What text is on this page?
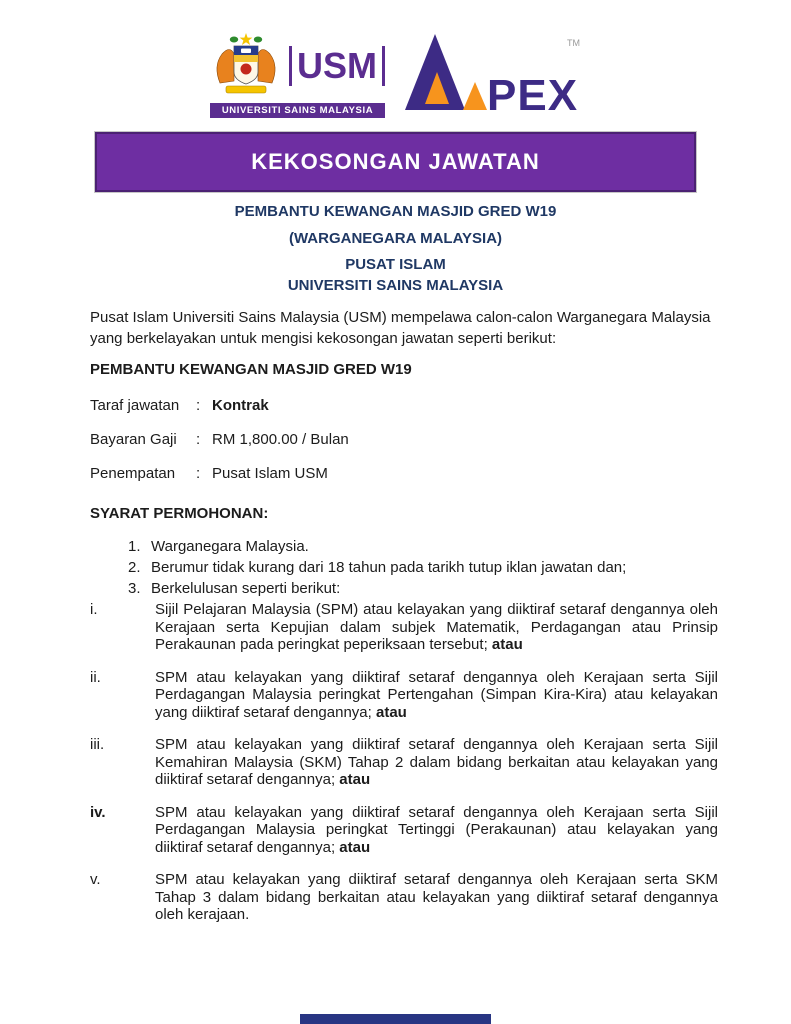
USM
UNIVERSITI SAINS MALAYSIA	PEX
TM
KEKOSONGAN JAWATAN
PEMBANTU KEWANGAN MASJID GRED W19
(WARGANEGARA MALAYSIA)
PUSAT ISLAM
UNIVERSITI SAINS MALAYSIA
Pusat Islam Universiti Sains Malaysia (USM) mempelawa calon-calon Warganegara Malaysia yang berkelayakan untuk mengisi kekosongan jawatan seperti berikut:
PEMBANTU KEWANGAN MASJID GRED W19
Taraf jawatan	: Kontrak
Bayaran Gaji	: RM 1,800.00 / Bulan
Penempatan	: Pusat Islam USM
SYARAT PERMOHONAN:
1. Warganegara Malaysia.
2. Berumur tidak kurang dari 18 tahun pada tarikh tutup iklan jawatan dan;
3. Berkelulusan seperti berikut:
i.	Sijil Pelajaran Malaysia (SPM) atau kelayakan yang diiktiraf setaraf dengannya oleh Kerajaan serta Kepujian dalam subjek Matematik, Perdagangan atau Prinsip Perakaunan pada peringkat peperiksaan tersebut; atau
ii.	SPM atau kelayakan yang diiktiraf setaraf dengannya oleh Kerajaan serta Sijil Perdagangan Malaysia peringkat Pertengahan (Simpan Kira-Kira) atau kelayakan yang diiktiraf setaraf dengannya; atau
iii.	SPM atau kelayakan yang diiktiraf setaraf dengannya oleh Kerajaan serta Sijil Kemahiran Malaysia (SKM) Tahap 2 dalam bidang berkaitan atau kelayakan yang diiktiraf setaraf dengannya; atau
iv.	SPM atau kelayakan yang diiktiraf setaraf dengannya oleh Kerajaan serta Sijil Perdagangan Malaysia peringkat Tertinggi (Perakaunan) atau kelayakan yang diiktiraf setaraf dengannya; atau
v.	SPM atau kelayakan yang diiktiraf setaraf dengannya oleh Kerajaan serta SKM Tahap 3 dalam bidang berkaitan atau kelayakan yang diiktiraf setaraf dengannya oleh kerajaan.
